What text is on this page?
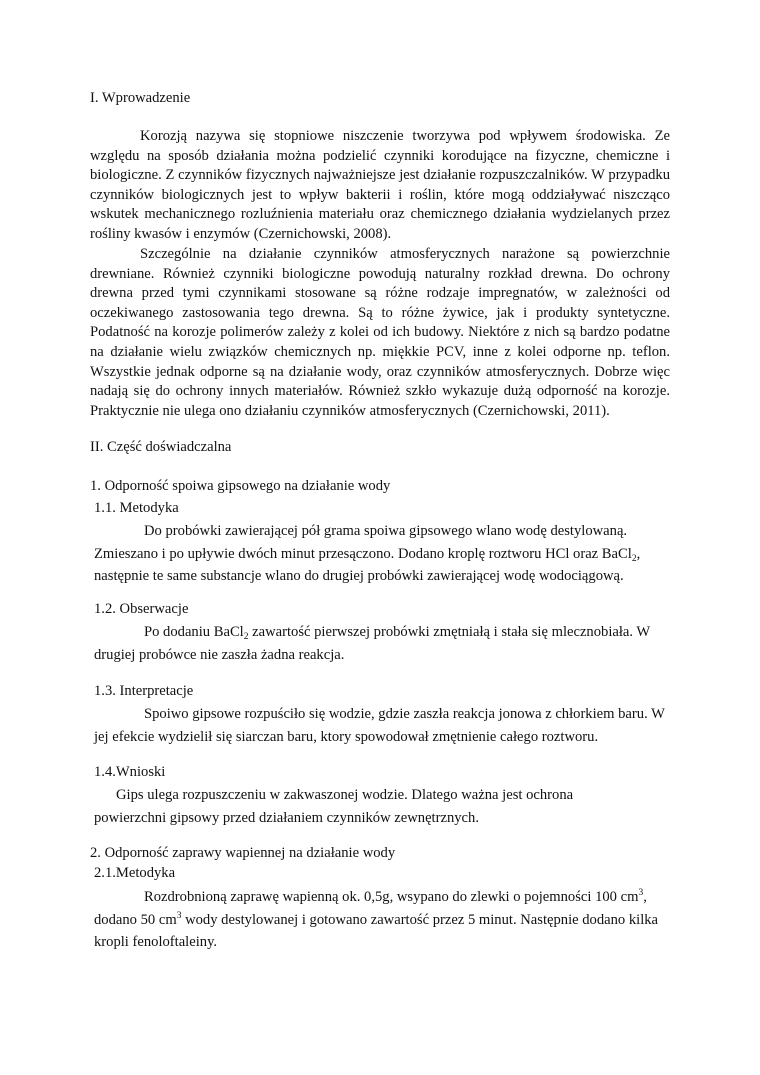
I. Wprowadzenie

Korozją nazywa się stopniowe niszczenie tworzywa pod wpływem środowiska. Ze względu na sposób działania można podzielić czynniki korodujące na fizyczne, chemiczne i biologiczne. Z czynników fizycznych najważniejsze jest działanie rozpuszczalników. W przypadku czynników biologicznych jest to wpływ bakterii i roślin, które mogą oddziaływać niszcząco wskutek mechanicznego rozluźnienia materiału oraz chemicznego działania wydzielanych przez rośliny kwasów i enzymów (Czernichowski, 2008).

Szczególnie na działanie czynników atmosferycznych narażone są powierzchnie drewniane. Również czynniki biologiczne powodują naturalny rozkład drewna. Do ochrony drewna przed tymi czynnikami stosowane są różne rodzaje impregnatów, w zależności od oczekiwanego zastosowania tego drewna. Są to różne żywice, jak i produkty syntetyczne. Podatność na korozje polimerów zależy z kolei od ich budowy. Niektóre z nich są bardzo podatne na działanie wielu związków chemicznych np. miękkie PCV, inne z kolei odporne np. teflon. Wszystkie jednak odporne są na działanie wody, oraz czynników atmosferycznych. Dobrze więc nadają się do ochrony innych materiałów. Również szkło wykazuje dużą odporność na korozje. Praktycznie nie ulega ono działaniu czynników atmosferycznych (Czernichowski, 2011).

II. Część doświadczalna

1. Odporność spoiwa gipsowego na działanie wody

1.1. Metodyka

Do probówki zawierającej pół grama spoiwa gipsowego wlano wodę destylowaną. Zmieszano i po upływie dwóch minut przesączono. Dodano kroplę roztworu HCl oraz BaCl$_2$, następnie te same substancje wlano do drugiej probówki zawierającej wodę wodociągową.

1.2. Obserwacje

Po dodaniu BaCl$_2$ zawartość pierwszej probówki zmętniałą i stała się mlecznobiała. W drugiej probówce nie zaszła żadna reakcja.

1.3. Interpretacje

Spoiwo gipsowe rozpuściło się wodzie, gdzie zaszła reakcja jonowa z chłorkiem baru. W jej efekcie wydzielił się siarczan baru, ktory spowodował zmętnienie całego roztworu.

1.4.Wnioski

Gips ulega rozpuszczeniu w zakwaszonej wodzie. Dlatego ważna jest ochrona powierzchni gipsowy przed działaniem czynników zewnętrznych.

2. Odporność zaprawy wapiennej na działanie wody

2.1.Metodyka

Rozdrobnioną zaprawę wapienną ok. 0,5g, wsypano do zlewki o pojemności 100 $cm^3$, dodano 50 $cm^3$ wody destylowanej i gotowano zawartość przez 5 minut. Następnie dodano kilka kropli fenoloftaleiny.
